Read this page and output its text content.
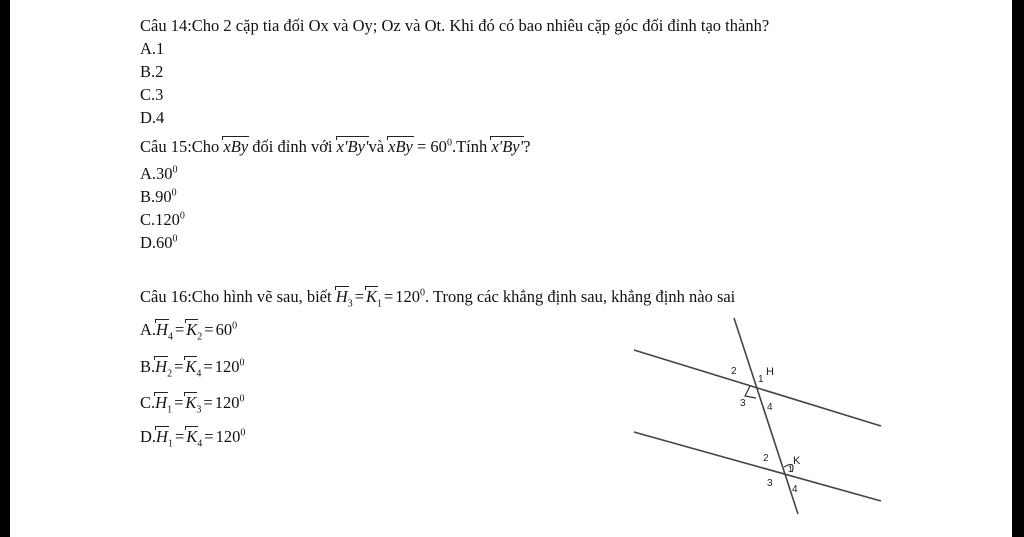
Câu 14:Cho 2 cặp tia đối Ox và Oy; Oz và Ot. Khi đó có bao nhiêu cặp góc đối đỉnh tạo thành?
A.1
B.2
C.3
D.4
Câu 15:Cho xBy đối đỉnh với x'By'và xBy = $60^0.Tính$ x'By'?
$A.30^0$
$B.90^0$
C.120$^0$
$D.60^0$
Câu 16:Cho hình vẽ sau, biết $H_3 = K_1 = 120^0$. Trong các khẳng định sau, khẳng định nào sai
A.
$H_4 = K_2 = 60^0$
B.
$H_2 = K_4 = 120^0$
C.
$H_1 = K_3 = 120^0$
D.
$H_1 = K_4 = 120^0$
H
1
2
3 4
K
1
2
3
4
